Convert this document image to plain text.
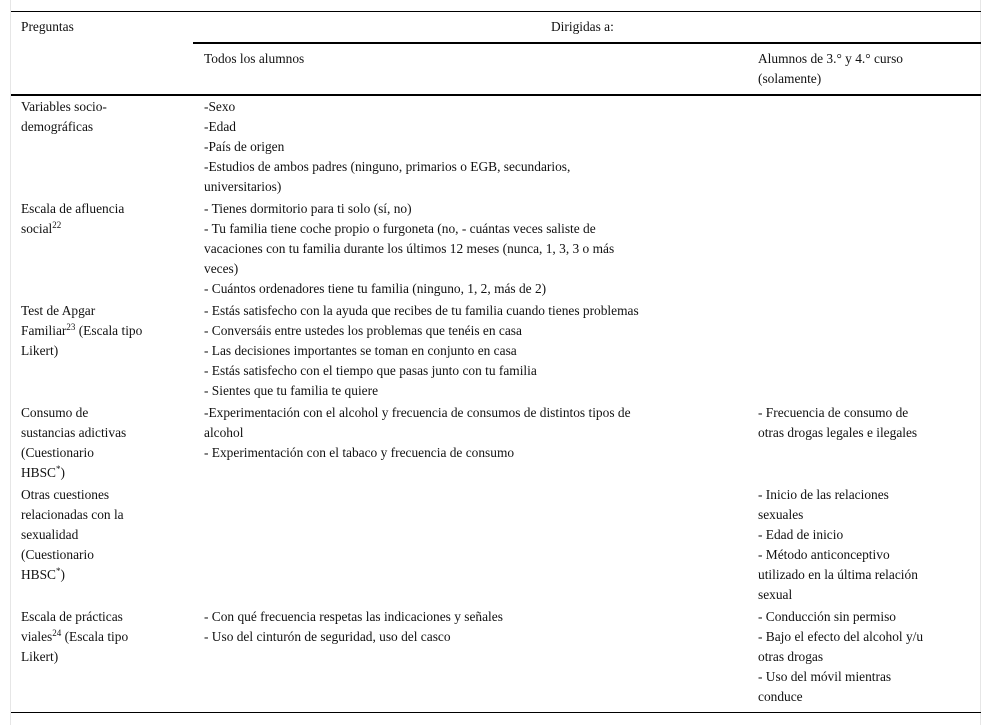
Preguntas	Dirigidas a:
Todos los alumnos	Alumnos de 3.° y 4.° curso
(solamente)
Variables socio-
demográficas
-Sexo
-Edad
-País de origen
-Estudios de ambos padres (ninguno, primarios o EGB, secundarios,
universitarios)
Escala de afluencia
social$^{22}$
- Tienes dormitorio para ti solo (sí, no)
- Tu familia tiene coche propio o furgoneta (no, - cuántas veces saliste de
vacaciones con tu familia durante los últimos 12 meses (nunca, 1, 3, 3 o más
veces)
- Cuántos ordenadores tiene tu familia (ninguno, 1, 2, más de 2)
Test de Apgar
Familiar$^{23}$ (Escala tipo
Likert)
- Estás satisfecho con la ayuda que recibes de tu familia cuando tienes problemas
- Conversáis entre ustedes los problemas que tenéis en casa
- Las decisiones importantes se toman en conjunto en casa
- Estás satisfecho con el tiempo que pasas junto con tu familia
- Sientes que tu familia te quiere
Consumo de
sustancias adictivas
(Cuestionario
HBSC*)
-Experimentación con el alcohol y frecuencia de consumos de distintos tipos de
alcohol
- Experimentación con el tabaco y frecuencia de consumo
- Frecuencia de consumo de
otras drogas legales e ilegales
Otras cuestiones
relacionadas con la
sexualidad
(Cuestionario
HBSC*)
- Inicio de las relaciones
sexuales
- Edad de inicio
- Método anticonceptivo
utilizado en la última relación
sexual
Escala de prácticas
viales$^{24}$ (Escala tipo
Likert)
- Con qué frecuencia respetas las indicaciones y señales
- Uso del cinturón de seguridad, uso del casco
- Conducción sin permiso
- Bajo el efecto del alcohol y/u
otras drogas
- Uso del móvil mientras
conduce
